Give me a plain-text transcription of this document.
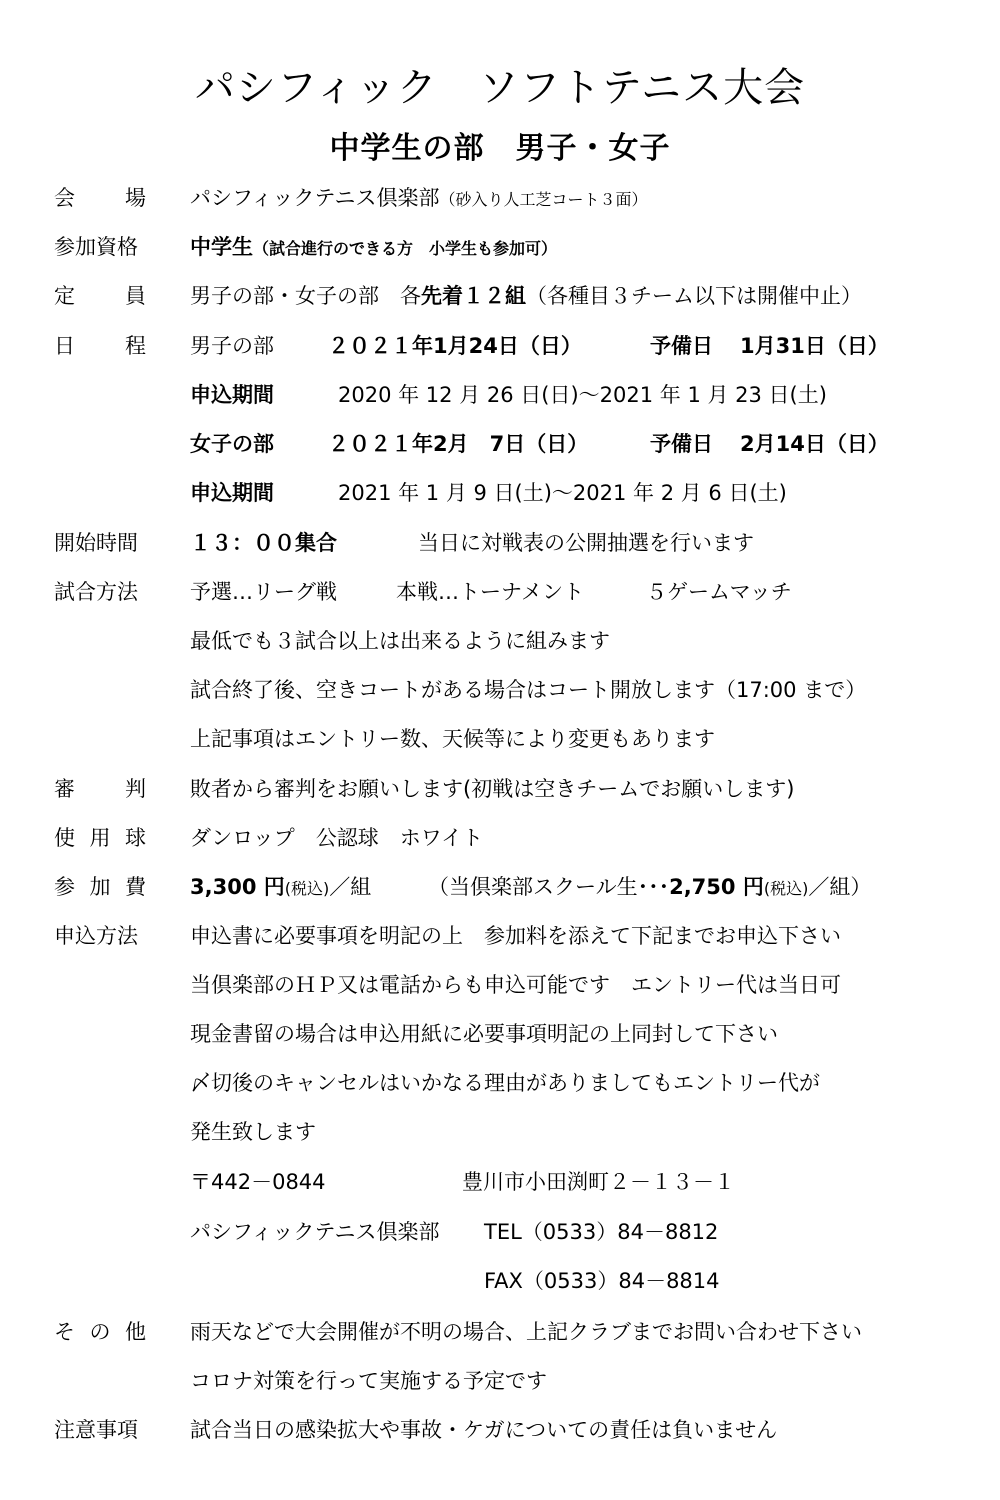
パシフィック　ソフトテニス大会
中学生の部　男子・女子
会 場 パシフィックテニス倶楽部（砂入り人工芝コート３面）
参加資格	中学生（試合進行のできる方　小学生も参加可）
定 員 男子の部・女子の部　各先着１２組（各種目３チーム以下は開催中止）
日 程 男子の部	２０２１年1月24日（日）	予備日 1月31日（日）
申込期間	2020 年 12 月 26 日(日)～2021 年 1 月 23 日(土)
女子の部	２０２１年2月　7日（日）	予備日 2月14日（日）
申込期間	2021 年 1 月 9 日(土)～2021 年 2 月 6 日(土)
開始時間	１３：００集合	当日に対戦表の公開抽選を行います
試合方法	予選…リーグ戦	本戦…トーナメント	５ゲームマッチ
最低でも３試合以上は出来るように組みます
試合終了後、空きコートがある場合はコート開放します（17:00 まで）
上記事項はエントリー数、天候等により変更もあります
審 判 敗者から審判をお願いします(初戦は空きチームでお願いします)
使 用 球 ダンロップ　公認球　ホワイト
参 加 費 3,300 円(税込)／組	（当倶楽部スクール生･･･2,750 円(税込)／組）
申込方法	申込書に必要事項を明記の上　参加料を添えて下記までお申込下さい
当倶楽部のＨＰ又は電話からも申込可能です　エントリー代は当日可
現金書留の場合は申込用紙に必要事項明記の上同封して下さい
〆切後のキャンセルはいかなる理由がありましてもエントリー代が
発生致します
〒442－0844	豊川市小田渕町２－１３－１
パシフィックテニス倶楽部 TEL（0533）84－8812
FAX（0533）84－8814
そ の 他 雨天などで大会開催が不明の場合、上記クラブまでお問い合わせ下さい
コロナ対策を行って実施する予定です
注意事項	試合当日の感染拡大や事故・ケガについての責任は負いません
